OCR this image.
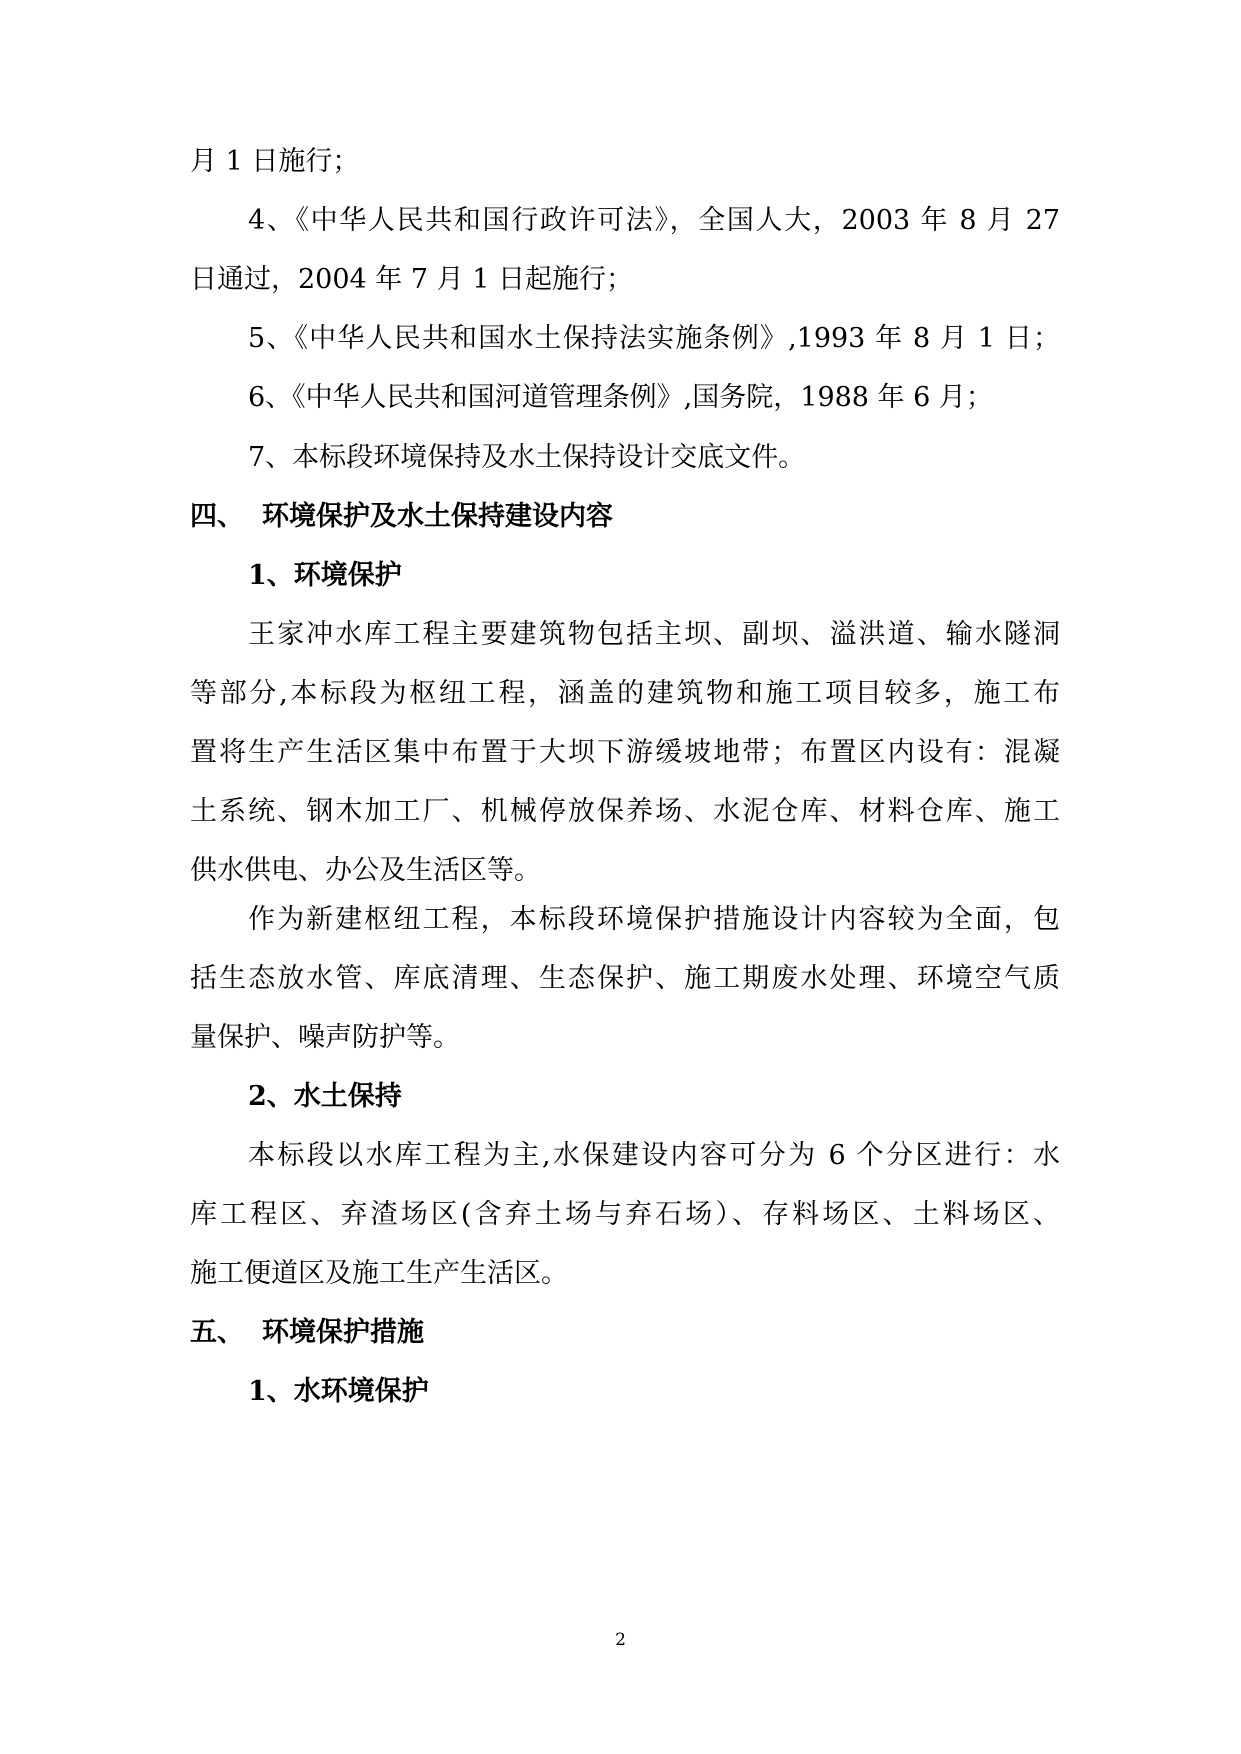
月 1 日施行；
4、《中华人民共和国行政许可法》，全国人大，2003 年 8 月 27
日通过，2004 年 7 月 1 日起施行；
5、《中华人民共和国水土保持法实施条例》,1993 年 8 月 1 日；
6、《中华人民共和国河道管理条例》,国务院，1988 年 6 月；
7、本标段环境保持及水土保持设计交底文件。
四、 环境保护及水土保持建设内容
1、环境保护
王家冲水库工程主要建筑物包括主坝、副坝、溢洪道、输水隧洞
等部分,本标段为枢纽工程，涵盖的建筑物和施工项目较多，施工布
置将生产生活区集中布置于大坝下游缓坡地带；布置区内设有：混凝
土系统、钢木加工厂、机械停放保养场、水泥仓库、材料仓库、施工
供水供电、办公及生活区等。
作为新建枢纽工程，本标段环境保护措施设计内容较为全面，包
括生态放水管、库底清理、生态保护、施工期废水处理、环境空气质
量保护、噪声防护等。
2、水土保持
本标段以水库工程为主,水保建设内容可分为 6 个分区进行：水
库工程区、弃渣场区(含弃土场与弃石场）、存料场区、土料场区、
施工便道区及施工生产生活区。
五、 环境保护措施
1、水环境保护
2
